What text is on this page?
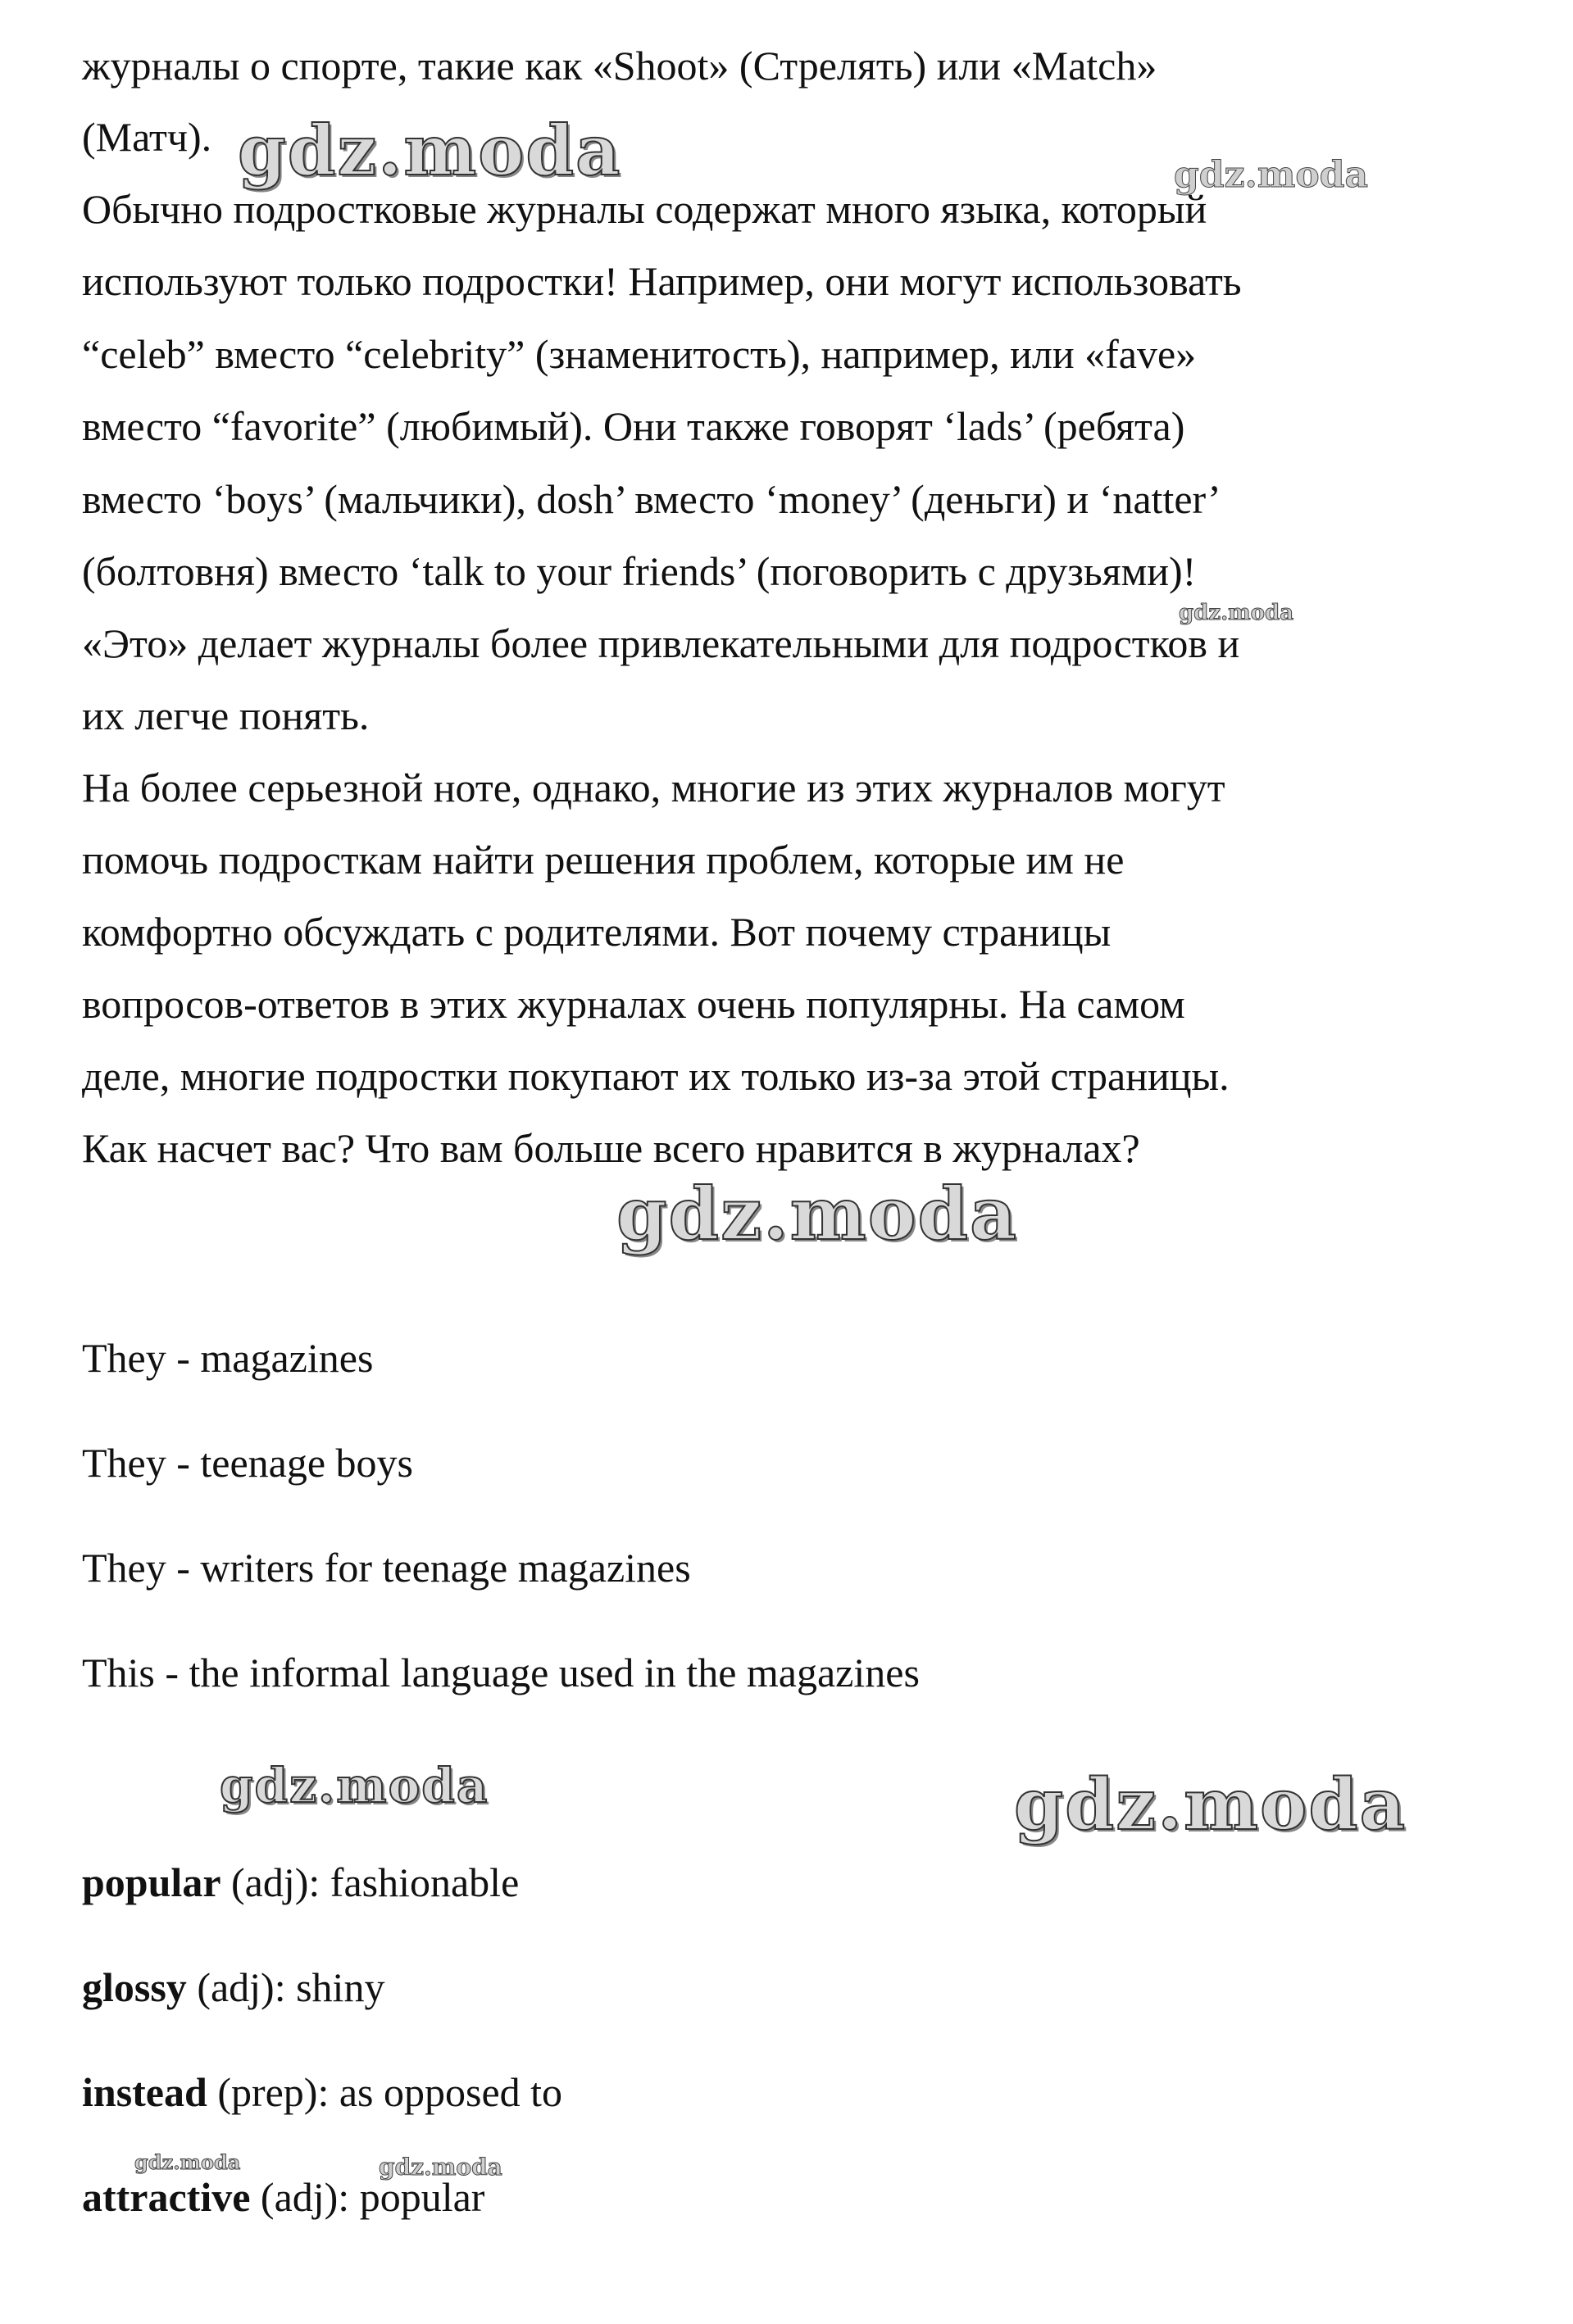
журналы о спорте, такие как «Shoot» (Стрелять) или «Match»
(Матч).
Обычно подростковые журналы содержат много языка, который
используют только подростки! Например, они могут использовать
“celeb” вместо “celebrity” (знаменитость), например, или «fave»
вместо “favorite” (любимый). Они также говорят ‘lads’ (ребята)
вместо ‘boys’ (мальчики), dosh’ вместо ‘money’ (деньги) и ‘natter’
(болтовня) вместо ‘talk to your friends’ (поговорить с друзьями)!
«Это» делает журналы более привлекательными для подростков и
их легче понять.
На более серьезной ноте, однако, многие из этих журналов могут
помочь подросткам найти решения проблем, которые им не
комфортно обсуждать с родителями. Вот почему страницы
вопросов-ответов в этих журналах очень популярны. На самом
деле, многие подростки покупают их только из-за этой страницы.
Как насчет вас? Что вам больше всего нравится в журналах?
They - magazines
They - teenage boys
They - writers for teenage magazines
This - the informal language used in the magazines
popular (adj): fashionable
glossy (adj): shiny
instead (prep): as opposed to
attractive (adj): popular
gdz.moda	gdz.moda
gdz.moda
gdz.moda
gdz.moda	gdz.moda
gdz.moda	gdz.moda
